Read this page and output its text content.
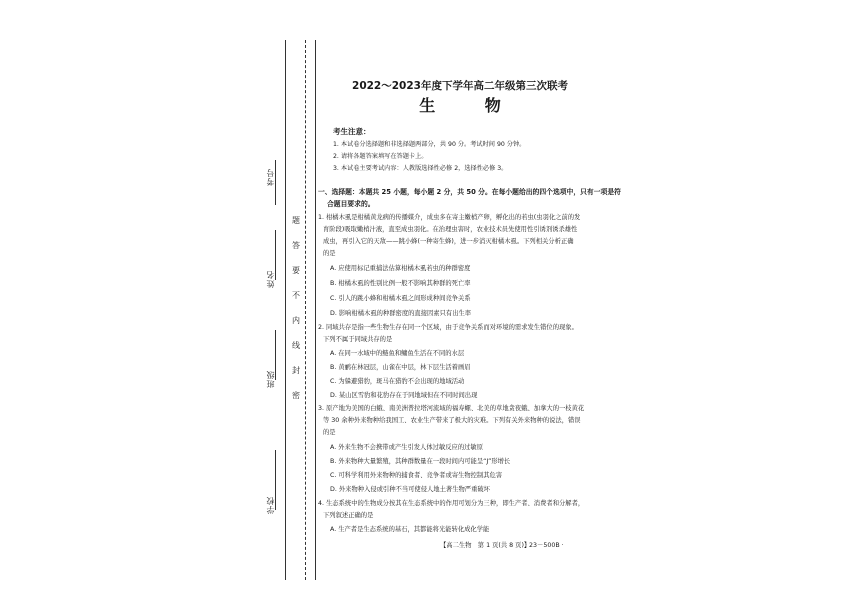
考号
姓名
班级
学校
题
答
要
不
内
线
封
密
2022～2023年度下学年高二年级第三次联考
生 物
考生注意：
1. 本试卷分选择题和非选择题两部分，共 90 分。考试时间 90 分钟。
2. 请将各题答案填写在答题卡上。
3. 本试卷主要考试内容：人教版选择性必修 2，选择性必修 3。
一、选择题：本题共 25 小题，每小题 2 分，共 50 分。在每小题给出的四个选项中，只有一项是符
合题目要求的。
1. 柑橘木虱是柑橘黄龙病的传播媒介，成虫多在寄主嫩梢产卵，孵化出的若虫(虫羽化之前的发
育阶段)吸取嫩梢汁液，直至成虫羽化。在治理虫害时，农业技术员先使用性引诱剂诱杀雄性
成虫，再引入它的天敌——跳小蜂(一种寄生蜂)，进一步消灭柑橘木虱。下列相关分析正确
的是
A. 应使用标记重捕法估算柑橘木虱若虫的种群密度
B. 柑橘木虱的性别比例一般不影响其种群的死亡率
C. 引人的跳小蜂和柑橘木虱之间形成种间竞争关系
D. 影响柑橘木虱的种群密度的直接因素只有出生率
2. 同域共存是指一些生物生存在同一个区域，由于竞争关系而对环境的需求发生错位的现象。
下列不属于同域共存的是
A. 在同一水域中的鲢鱼和鳙鱼生活在不同的水层
B. 黄鹂在林冠层，山雀在中层，林下层生活着画眉
C. 为躲避猎豹，斑马在猎豹不会出现的地域活动
D. 某山区雪豹和花豹存在于同地域但在不同时间出现
3. 原产地为美国的白蛾、南美洲普拉塔河流域的福寿螺、北美的草地贪夜蛾、加拿大的一枝黄花
等 30 余种外来物种给我国工、农业生产带来了极大的灾难。下列有关外来物种的说法，错误
的是
A. 外来生物不会携带或产生引发人体过敏反应的过敏原
B. 外来物种大量繁殖，其种群数量在一段时间内可能呈“J”形增长
C. 可科学利用外来物种的捕食者、竞争者或寄生物控制其危害
D. 外来物种入侵或引种不当可使侵人地土著生物严重破坏
4. 生态系统中的生物成分按其在生态系统中的作用可划分为三种，即生产者、消费者和分解者，
下列叙述正确的是
A. 生产者是生态系统的基石，其都能将光能转化成化学能
【高二生物　第 1 页(共 8 页)】
· 23－500B ·
